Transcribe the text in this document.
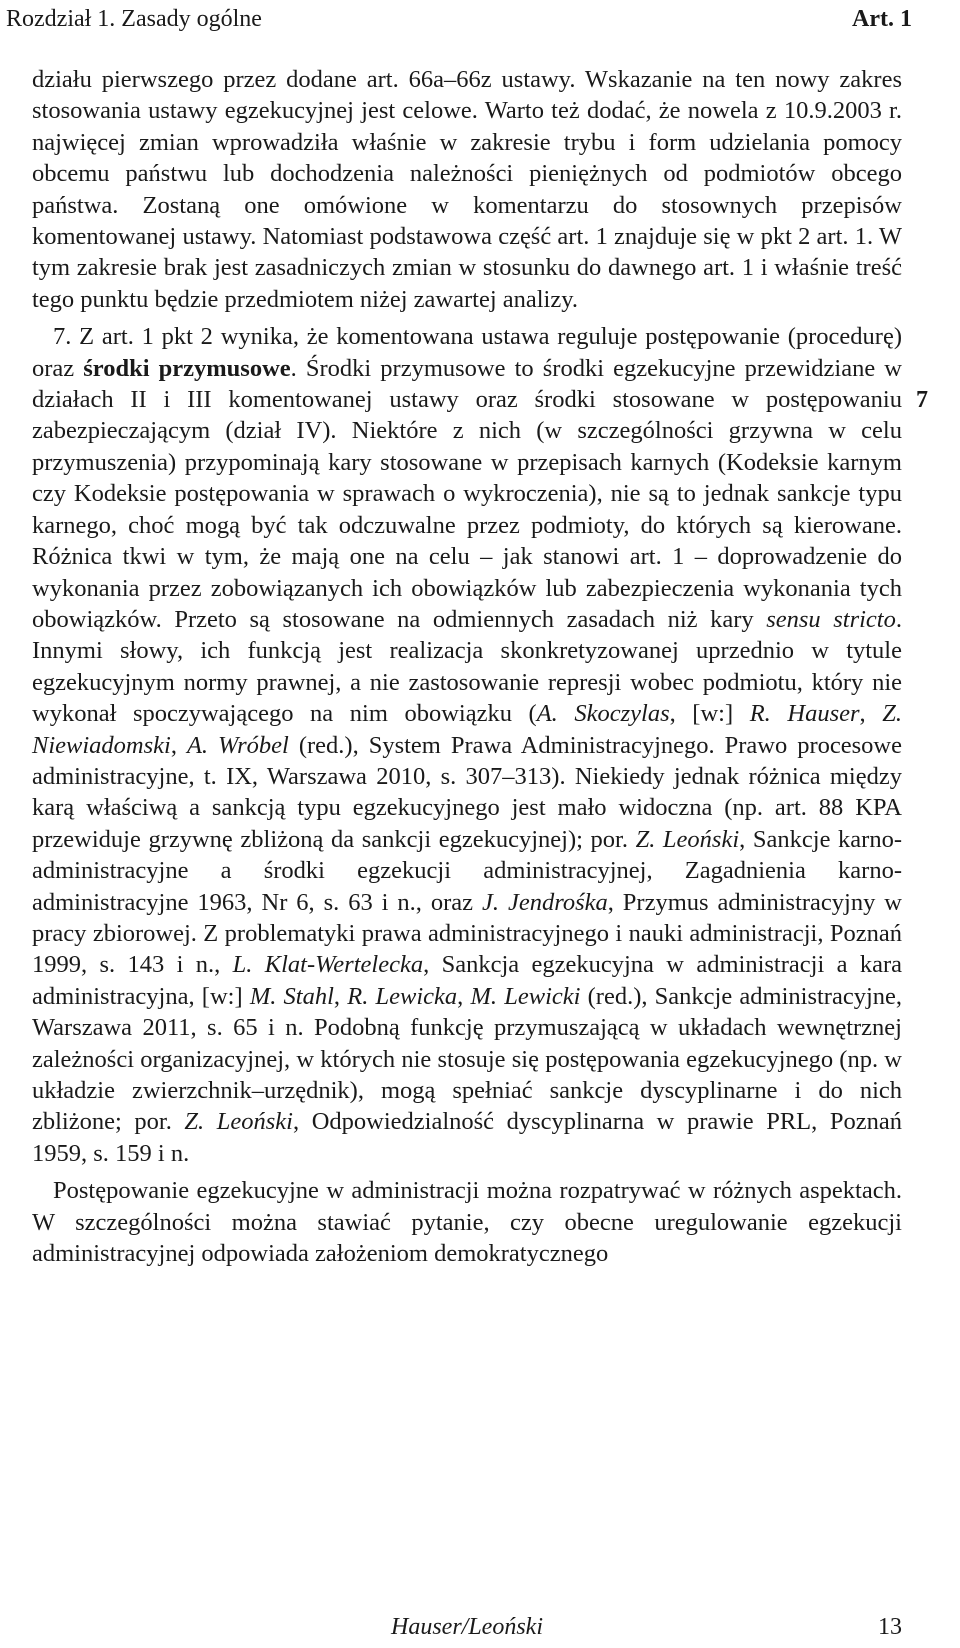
Rozdział 1. Zasady ogólne	Art. 1
7

działu pierwszego przez dodane art. 66a–66z ustawy. Wskazanie na ten nowy zakres stosowania ustawy egzekucyjnej jest celowe. Warto też dodać, że nowela z 10.9.2003 r. najwięcej zmian wprowadziła właśnie w zakresie trybu i form udzielania pomocy obcemu państwu lub dochodzenia należności pieniężnych od podmiotów obcego państwa. Zostaną one omówione w komentarzu do stosownych przepisów komentowanej ustawy. Natomiast podstawowa część art. 1 znajduje się w pkt 2 art. 1. W tym zakresie brak jest zasadniczych zmian w stosunku do dawnego art. 1 i właśnie treść tego punktu będzie przedmiotem niżej zawartej analizy.

7. Z art. 1 pkt 2 wynika, że komentowana ustawa reguluje postępowanie (procedurę) oraz środki przymusowe. Środki przymusowe to środki egzekucyjne przewidziane w działach II i III komentowanej ustawy oraz środki stosowane w postępowaniu zabezpieczającym (dział IV). Niektóre z nich (w szczególności grzywna w celu przymuszenia) przypominają kary stosowane w przepisach karnych (Kodeksie karnym czy Kodeksie postępowania w sprawach o wykroczenia), nie są to jednak sankcje typu karnego, choć mogą być tak odczuwalne przez podmioty, do których są kierowane. Różnica tkwi w tym, że mają one na celu – jak stanowi art. 1 – doprowadzenie do wykonania przez zobowiązanych ich obowiązków lub zabezpieczenia wykonania tych obowiązków. Przeto są stosowane na odmiennych zasadach niż kary sensu stricto. Innymi słowy, ich funkcją jest realizacja skonkretyzowanej uprzednio w tytule egzekucyjnym normy prawnej, a nie zastosowanie represji wobec podmiotu, który nie wykonał spoczywającego na nim obowiązku (A. Skoczylas, [w:] R. Hauser, Z. Niewiadomski, A. Wróbel (red.), System Prawa Administracyjnego. Prawo procesowe administracyjne, t. IX, Warszawa 2010, s. 307–313). Niekiedy jednak różnica między karą właściwą a sankcją typu egzekucyjnego jest mało widoczna (np. art. 88 KPA przewiduje grzywnę zbliżoną da sankcji egzekucyjnej); por. Z. Leoński, Sankcje karno-administracyjne a środki egzekucji administracyjnej, Zagadnienia karno-administracyjne 1963, Nr 6, s. 63 i n., oraz J. Jendrośka, Przymus administracyjny w pracy zbiorowej. Z problematyki prawa administracyjnego i nauki administracji, Poznań 1999, s. 143 i n., L. Klat-Wertelecka, Sankcja egzekucyjna w administracji a kara administracyjna, [w:] M. Stahl, R. Lewicka, M. Lewicki (red.), Sankcje administracyjne, Warszawa 2011, s. 65 i n. Podobną funkcję przymuszającą w układach wewnętrznej zależności organizacyjnej, w których nie stosuje się postępowania egzekucyjnego (np. w układzie zwierzchnik–urzędnik), mogą spełniać sankcje dyscyplinarne i do nich zbliżone; por. Z. Leoński, Odpowiedzialność dyscyplinarna w prawie PRL, Poznań 1959, s. 159 i n.

Postępowanie egzekucyjne w administracji można rozpatrywać w różnych aspektach. W szczególności można stawiać pytanie, czy obecne uregulowanie egzekucji administracyjnej odpowiada założeniom demokratycznego

Hauser/Leoński	13
